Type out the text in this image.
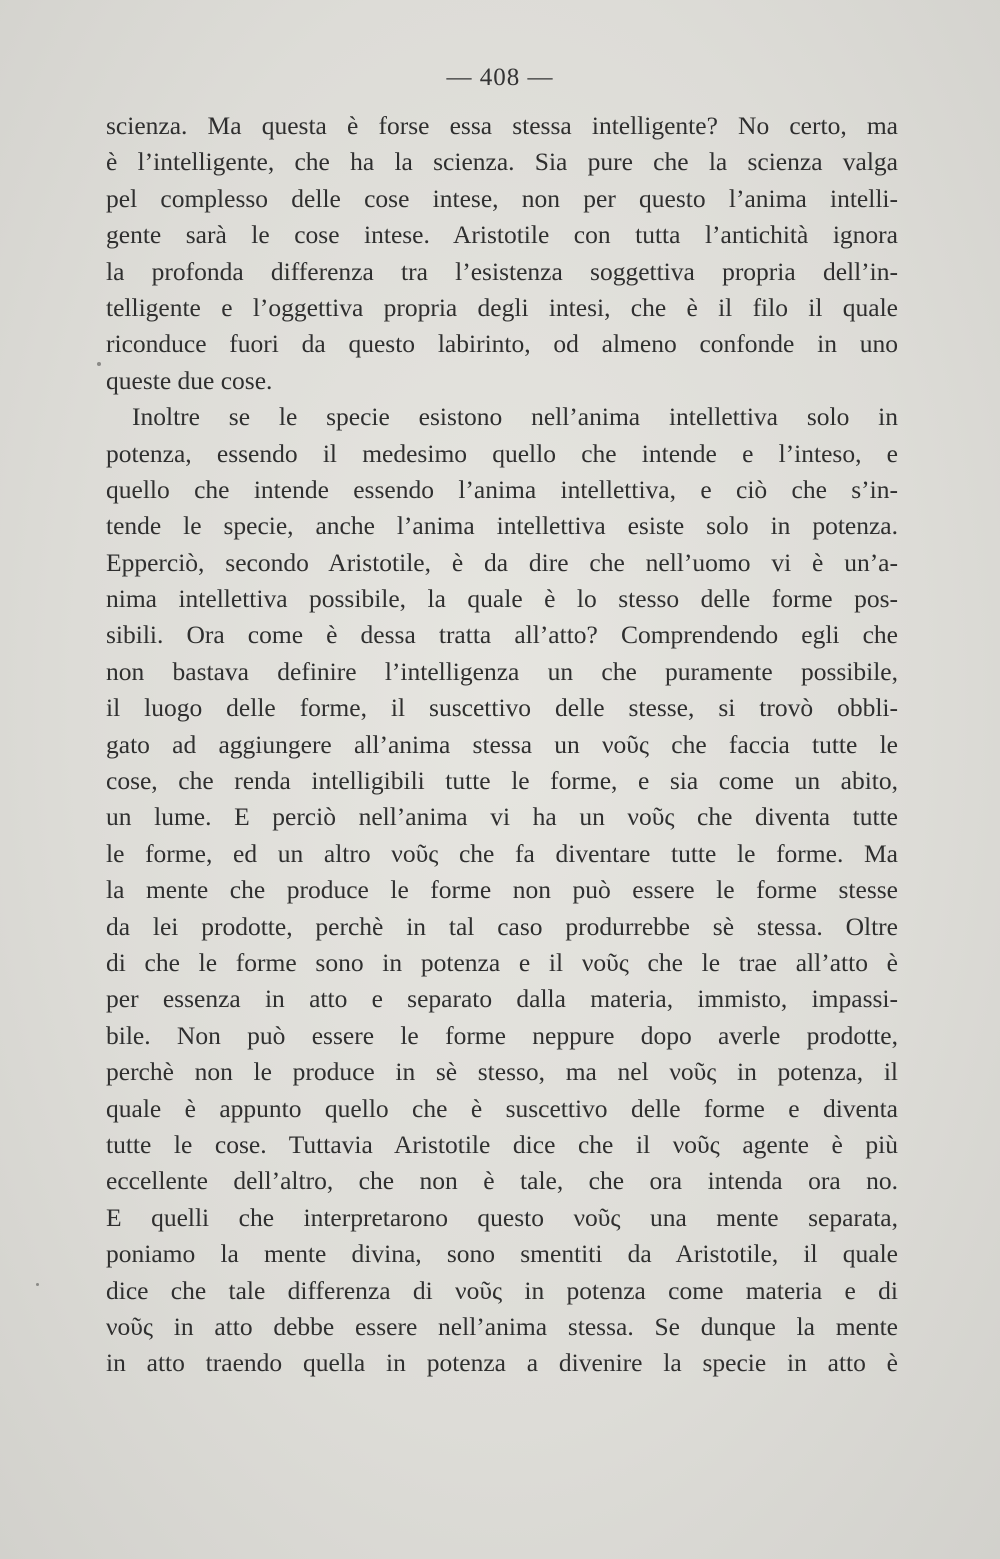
— 408 —
scienza. Ma questa è forse essa stessa intelligente? No certo, ma
è l’intelligente, che ha la scienza. Sia pure che la scienza valga
pel complesso delle cose intese, non per questo l’anima intelli-
gente sarà le cose intese. Aristotile con tutta l’antichità ignora
la profonda differenza tra l’esistenza soggettiva propria dell’in-
telligente e l’oggettiva propria degli intesi, che è il filo il quale
riconduce fuori da questo labirinto, od almeno confonde in uno
queste due cose.
Inoltre se le specie esistono nell’anima intellettiva solo in
potenza, essendo il medesimo quello che intende e l’inteso, e
quello che intende essendo l’anima intellettiva, e ciò che s’in-
tende le specie, anche l’anima intellettiva esiste solo in potenza.
Epperciò, secondo Aristotile, è da dire che nell’uomo vi è un’a-
nima intellettiva possibile, la quale è lo stesso delle forme pos-
sibili. Ora come è dessa tratta all’atto? Comprendendo egli che
non bastava definire l’intelligenza un che puramente possibile,
il luogo delle forme, il suscettivo delle stesse, si trovò obbli-
gato ad aggiungere all’anima stessa un νοῦς che faccia tutte le
cose, che renda intelligibili tutte le forme, e sia come un abito,
un lume. E perciò nell’anima vi ha un νοῦς che diventa tutte
le forme, ed un altro νοῦς che fa diventare tutte le forme. Ma
la mente che produce le forme non può essere le forme stesse
da lei prodotte, perchè in tal caso produrrebbe sè stessa. Oltre
di che le forme sono in potenza e il νοῦς che le trae all’atto è
per essenza in atto e separato dalla materia, immisto, impassi-
bile. Non può essere le forme neppure dopo averle prodotte,
perchè non le produce in sè stesso, ma nel νοῦς in potenza, il
quale è appunto quello che è suscettivo delle forme e diventa
tutte le cose. Tuttavia Aristotile dice che il νοῦς agente è più
eccellente dell’altro, che non è tale, che ora intenda ora no.
E quelli che interpretarono questo νοῦς una mente separata,
poniamo la mente divina, sono smentiti da Aristotile, il quale
dice che tale differenza di νοῦς in potenza come materia e di
νοῦς in atto debbe essere nell’anima stessa. Se dunque la mente
in atto traendo quella in potenza a divenire la specie in atto è
